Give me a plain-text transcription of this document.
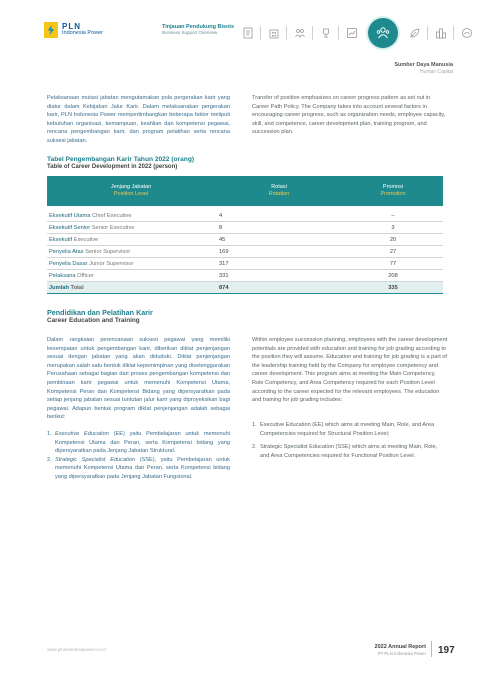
PLN
Indonesia Power
Tinjauan Pendukung Bisnis
Business Support Overview
Sumber Daya Manusia
Human Capital

Pelaksanaan mutasi jabatan mengutamakan pola pergerakan karir yang diatur dalam Kebijakan Jalur Karir. Dalam melaksanakan pergerakan karir, PLN Indonesia Power mempertimbangkan beberapa faktor meliputi kebutuhan organisasi, kemampuan, keahlian dan kompetensi pegawai, rencana pengembangan karir, dan program pelatihan serta rencana suksesi jabatan.

Transfer of position emphasizes on career progress pattern as set out in Career Path Policy. The Company takes into account several factors in encouraging career progress, such as organization needs, employee capacity, skill, and competence, career development plan, training program, and succession plan.

Tabel Pengembangan Karir Tahun 2022 (orang)
Table of Career Development in 2022 (person)
Jenjang Jabatan
Position Level
Rotasi
Rotation
Promosi
Promotion
Eksekutif Utama Chief Executive	4	–
Eksekutif Senior Senior Executive	8	3
Eksekutif Executive	45	20
Penyelia Atas Senior Supervisor	169	27
Penyelia Dasar Junior Supervisor	317	77
Pelaksana Officer	331	208
Jumlah Total	874	335
Pendidikan dan Pelatihan Karir
Career Education and Training

Dalam rangkaian perencanaan suksesi pegawai yang memiliki kesempatan untuk pengembangan karir, diberikan diklat penjenjangan sesuai dengan jabatan yang akan diduduki. Diklat penjenjangan merupakan salah satu bentuk diklat kepemimpinan yang diselenggarakan Perusahaan sebagai bagian dari proses pengembangan kompetensi dan pembinaan karir pegawai untuk memenuhi Kompetensi Utama, Kompetensi Peran dan Kompetensi Bidang yang dipersyaratkan pada setiap jenjang jabatan sesuai tuntutan jalur karir yang diproyeksikan bagi pegawai. Adapun bentuk program diklat penjenjangan adalah sebagai berikut:

1. Executive Education (EE) yaitu Pembelajaran untuk memenuhi Kompetensi Utama dan Peran, serta Kompetensi bidang yang dipersyaratkan pada Jenjang Jabatan Struktural.
2. Strategic Specialist Education (SSE), yaitu Pembelajaran untuk memenuhi Kompetensi Utama dan Peran, serta Kompetensi bidang yang dipersyaratkan pada Jenjang Jabatan Fungsional.

Within employee succession planning, employees with the career development potentials are provided with education and training for job grading according to the position they will assume. Education and training for job grading is a part of the leadership training held by the Company for employee competency and career development. This program aims at meeting the Main Competency, Role Competency, and Area Competency required for each Position Level according to the career expected for the relevant employees. The education and training for job grading includes:

1. Executive Education (EE) which aims at meeting Main, Role, and Area Competencies required for Structural Position Level;
2. Strategic Specialist Education (SSE) which aims at meeting Main, Role, and Area Competencies required for Functional Position Level.
www.plnindonesiapower.co.id	2022 Annual Report
PT PLN Indonesia Power 197
